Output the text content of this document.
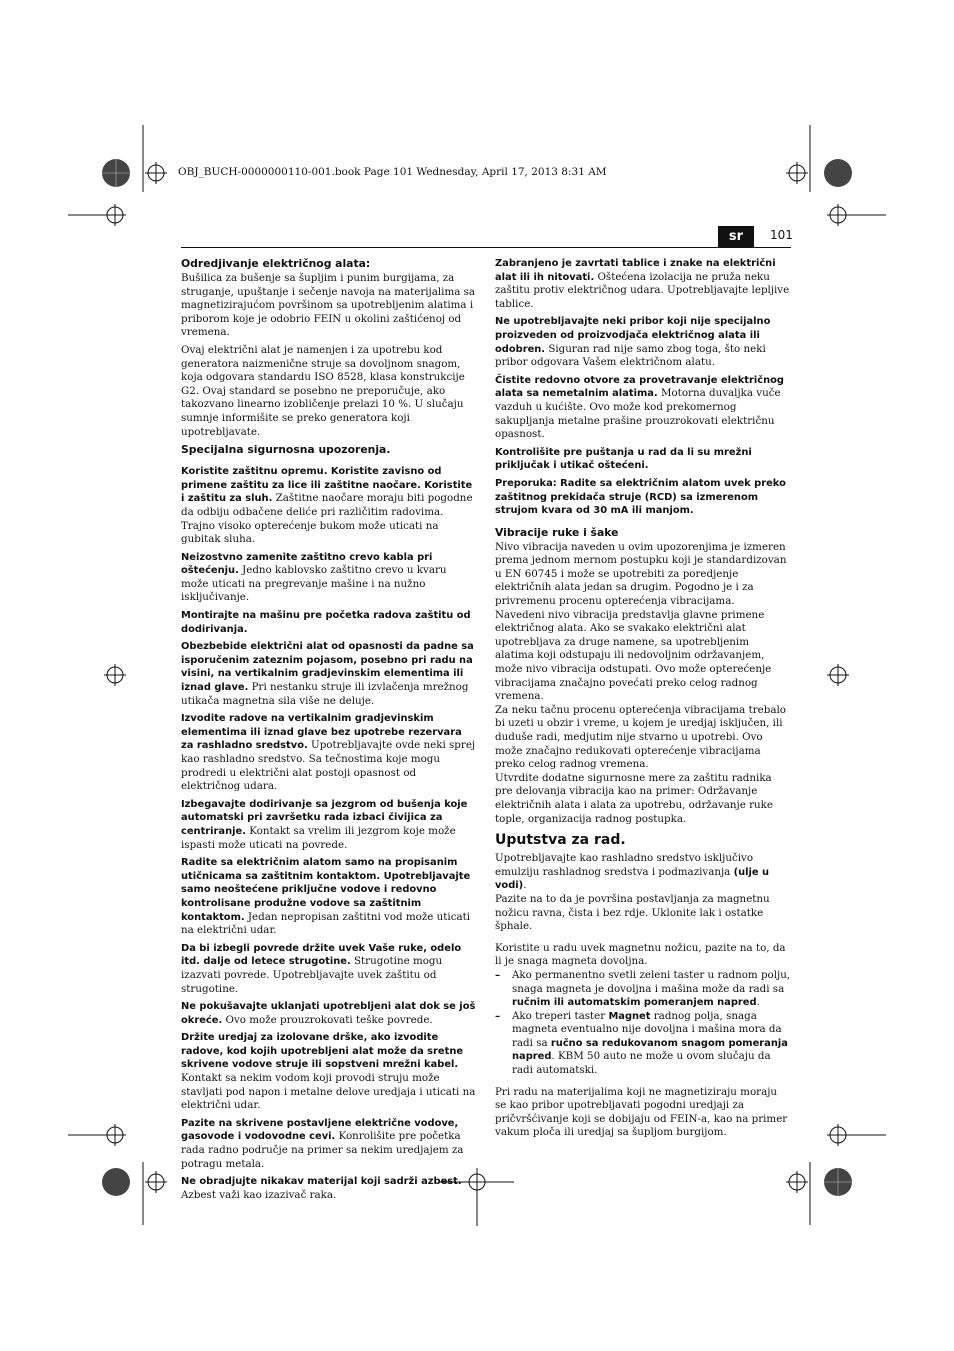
OBJ_BUCH-0000000110-001.book Page 101 Wednesday, April 17, 2013 8:31 AM
sr	101
Odredjivanje električnog alata:

Bušilica za bušenje sa šupljim i punim burgijama, za struganje, upuštanje i sečenje navoja na materijalima sa magnetizirajućom površinom sa upotrebljenim alatima i priborom koje je odobrio FEIN u okolini zaštićenoj od vremena.

Ovaj električni alat je namenjen i za upotrebu kod generatora naizmenične struje sa dovoljnom snagom, koja odgovara standardu ISO 8528, klasa konstrukcije G2. Ovaj standard se posebno ne preporučuje, ako takozvano linearno izobličenje prelazi 10 %. U slučaju sumnje informišite se preko generatora koji upotrebljavate.

Specijalna sigurnosna upozorenja.

Koristite zaštitnu opremu. Koristite zavisno od primene zaštitu za lice ili zaštitne naočare. Koristite i zaštitu za sluh. Zaštitne naočare moraju biti pogodne da odbiju odbačene deliće pri različitim radovima. Trajno visoko opterećenje bukom može uticati na gubitak sluha.

Neizostvno zamenite zaštitno crevo kabla pri oštećenju. Jedno kablovsko zaštitno crevo u kvaru može uticati na pregrevanje mašine i na nužno isključivanje.

Montirajte na mašinu pre početka radova zaštitu od dodirivanja.

Obezbebide električni alat od opasnosti da padne sa isporučenim zateznim pojasom, posebno pri radu na visini, na vertikalnim gradjevinskim elementima ili iznad glave. Pri nestanku struje ili izvlačenja mrežnog utikača magnetna sila više ne deluje.

Izvodite radove na vertikalnim gradjevinskim elementima ili iznad glave bez upotrebe rezervara za rashladno sredstvo. Upotrebljavajte ovde neki sprej kao rashladno sredstvo. Sa tečnostima koje mogu prodredi u električni alat postoji opasnost od električnog udara.

Izbegavajte dodirivanje sa jezgrom od bušenja koje automatski pri završetku rada izbaci čivijica za centriranje. Kontakt sa vrelim ili jezgrom koje može ispasti može uticati na povrede.

Radite sa električnim alatom samo na propisanim utičnicama sa zaštitnim kontaktom. Upotrebljavajte samo neoštećene priključne vodove i redovno kontrolisane produžne vodove sa zaštitnim kontaktom. Jedan nepropisan zaštitni vod može uticati na električni udar.

Da bi izbegli povrede držite uvek Vaše ruke, odelo itd. dalje od letece strugotine. Strugotine mogu izazvati povrede. Upotrebljavajte uvek zaštitu od strugotine.

Ne pokušavajte uklanjati upotrebljeni alat dok se još okreće. Ovo može prouzrokovati teške povrede.

Držite uredjaj za izolovane drške, ako izvodite radove, kod kojih upotrebljeni alat može da sretne skrivene vodove struje ili sopstveni mrežni kabel. Kontakt sa nekim vodom koji provodi struju može stavljati pod napon i metalne delove uredjaja i uticati na električni udar.

Pazite na skrivene postavljene električne vodove, gasovode i vodovodne cevi. Konrolišite pre početka rada radno područje na primer sa nekim uredjajem za potragu metala.

Ne obradjujte nikakav materijal koji sadrži azbest. Azbest važi kao izazivač raka.

Zabranjeno je zavrtati tablice i znake na električni alat ili ih nitovati. Oštećena izolacija ne pruža neku zaštitu protiv električnog udara. Upotrebljavajte lepljive tablice.

Ne upotrebljavajte neki pribor koji nije specijalno proizveden od proizvodjača električnog alata ili odobren. Siguran rad nije samo zbog toga, što neki pribor odgovara Vašem električnom alatu.

Čistite redovno otvore za provetravanje električnog alata sa nemetalnim alatima. Motorna duvaljka vuče vazduh u kućište. Ovo može kod prekomernog sakupljanja metalne prašine prouzrokovati električnu opasnost.

Kontrolišite pre puštanja u rad da li su mrežni priključak i utikač oštećeni.

Preporuka: Radite sa električnim alatom uvek preko zaštitnog prekidača struje (RCD) sa izmerenom strujom kvara od 30 mA ili manjom.

Vibracije ruke i šake

Nivo vibracija naveden u ovim upozorenjima je izmeren prema jednom mernom postupku koji je standardizovan u EN 60745 i može se upotrebiti za poredjenje električnih alata jedan sa drugim. Pogodno je i za privremenu procenu opterećenja vibracijama.

Navedeni nivo vibracija predstavlja glavne primene električnog alata. Ako se svakako električni alat upotrebljava za druge namene, sa upotrebljenim alatima koji odstupaju ili nedovoljnim održavanjem, može nivo vibracija odstupati. Ovo može opterećenje vibracijama značajno povećati preko celog radnog vremena.

Za neku tačnu procenu opterećenja vibracijama trebalo bi uzeti u obzir i vreme, u kojem je uredjaj isključen, ili duduše radi, medjutim nije stvarno u upotrebi. Ovo može značajno redukovati opterećenje vibracijama preko celog radnog vremena.

Utvrdite dodatne sigurnosne mere za zaštitu radnika pre delovanja vibracija kao na primer: Održavanje električnih alata i alata za upotrebu, održavanje ruke tople, organizacija radnog postupka.

Uputstva za rad.

Upotrebljavajte kao rashladno sredstvo isključivo emulziju rashladnog sredstva i podmazivanja (ulje u vodi).

Pazite na to da je površina postavljanja za magnetnu nožicu ravna, čista i bez rdje. Uklonite lak i ostatke šphale.

Koristite u radu uvek magnetnu nožicu, pazite na to, da li je snaga magneta dovoljna.

– Ako permanentno svetli zeleni taster u radnom polju, snaga magneta je dovoljna i mašina može da radi sa ručnim ili automatskim pomeranjem napred.
– Ako treperi taster Magnet radnog polja, snaga magneta eventualno nije dovoljna i mašina mora da radi sa ručno sa redukovanom snagom pomeranja napred. KBM 50 auto ne može u ovom slučaju da radi automatski.

Pri radu na materijalima koji ne magnetiziraju moraju se kao pribor upotrebljavati pogodni uredjaji za pričvršćivanje koji se dobijaju od FEIN-a, kao na primer vakum ploča ili uredjaj sa šupljom burgijom.
